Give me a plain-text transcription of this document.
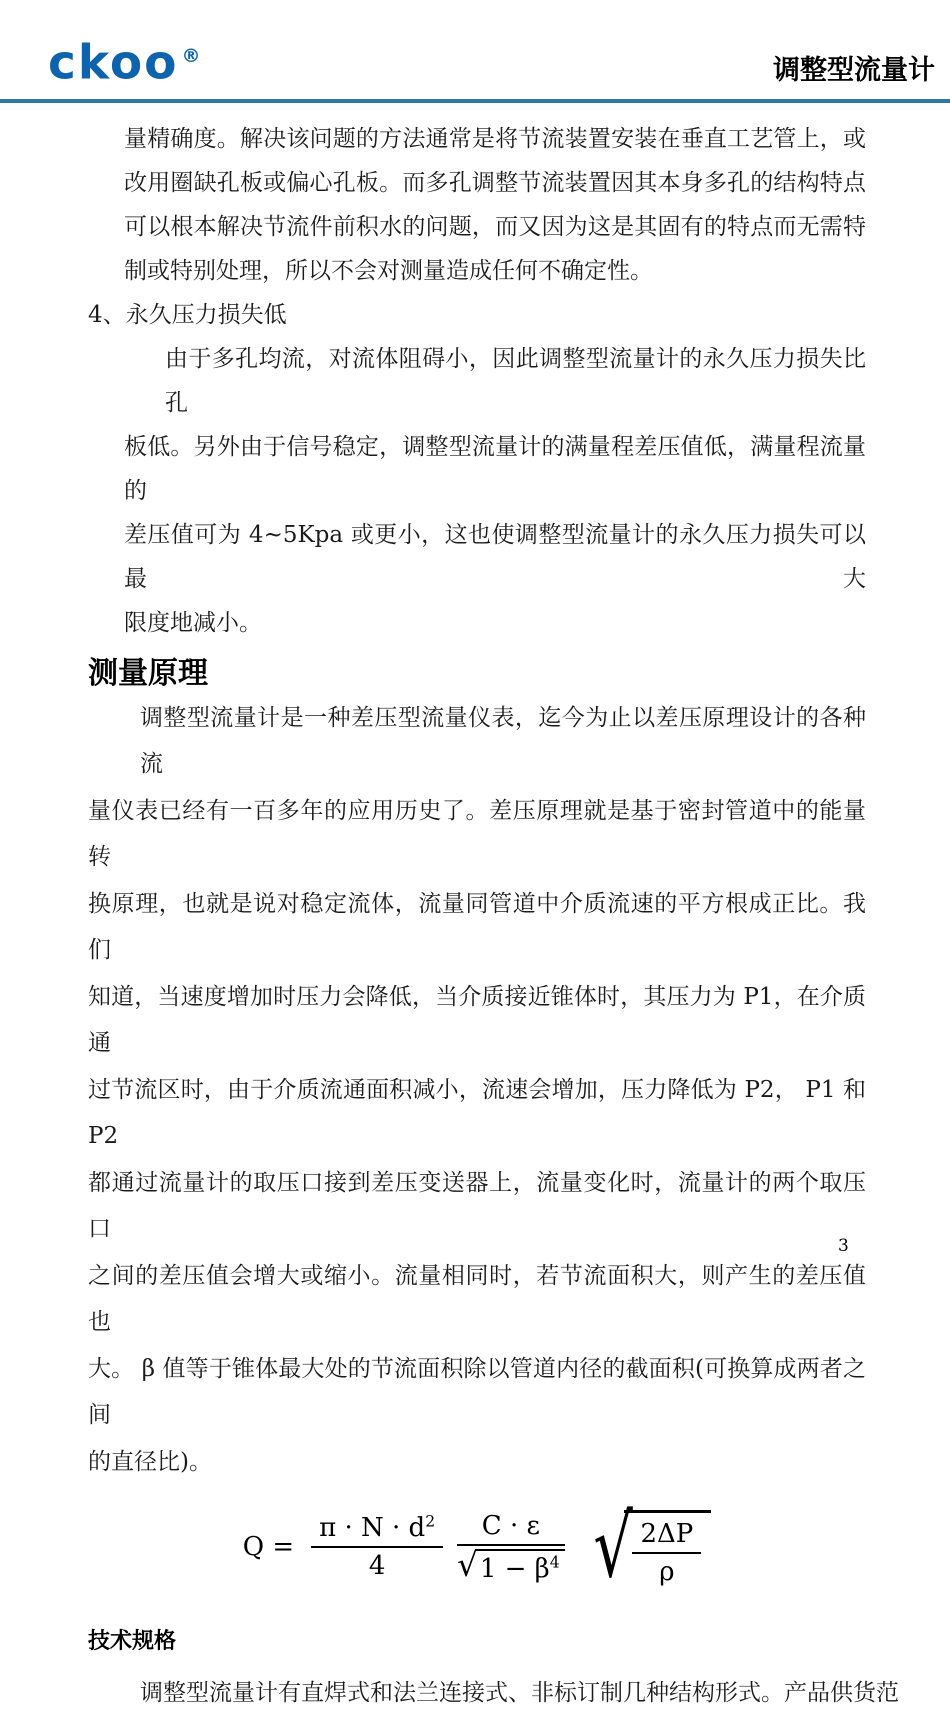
ckoo ®	调整型流量计
量精确度。解决该问题的方法通常是将节流装置安装在垂直工艺管上，或
改用圈缺孔板或偏心孔板。而多孔调整节流装置因其本身多孔的结构特点
可以根本解决节流件前积水的问题，而又因为这是其固有的特点而无需特
制或特别处理，所以不会对测量造成任何不确定性。
4、永久压力损失低
由于多孔均流，对流体阻碍小，因此调整型流量计的永久压力损失比孔
板低。另外由于信号稳定，调整型流量计的满量程差压值低，满量程流量的
差压值可为 4~5Kpa 或更小，这也使调整型流量计的永久压力损失可以最大
限度地减小。
测量原理
调整型流量计是一种差压型流量仪表，迄今为止以差压原理设计的各种流
量仪表已经有一百多年的应用历史了。差压原理就是基于密封管道中的能量转
换原理，也就是说对稳定流体，流量同管道中介质流速的平方根成正比。我们
知道，当速度增加时压力会降低，当介质接近锥体时，其压力为 P1，在介质通
过节流区时，由于介质流通面积减小，流速会增加，压力降低为 P2， P1 和 P2
都通过流量计的取压口接到差压变送器上，流量变化时，流量计的两个取压口
之间的差压值会增大或缩小。流量相同时，若节流面积大，则产生的差压值也
大。 β 值等于锥体最大处的节流面积除以管道内径的截面积(可换算成两者之间
的直径比)。
$Q = \frac{\pi \cdot N \cdot d^2}{4} \frac{C \cdot \varepsilon}{√ 1 - \beta^4}$ √ $\frac{2\Delta P}{\rho}$
技术规格
调整型流量计有直焊式和法兰连接式、非标订制几种结构形式。产品供货范
3
